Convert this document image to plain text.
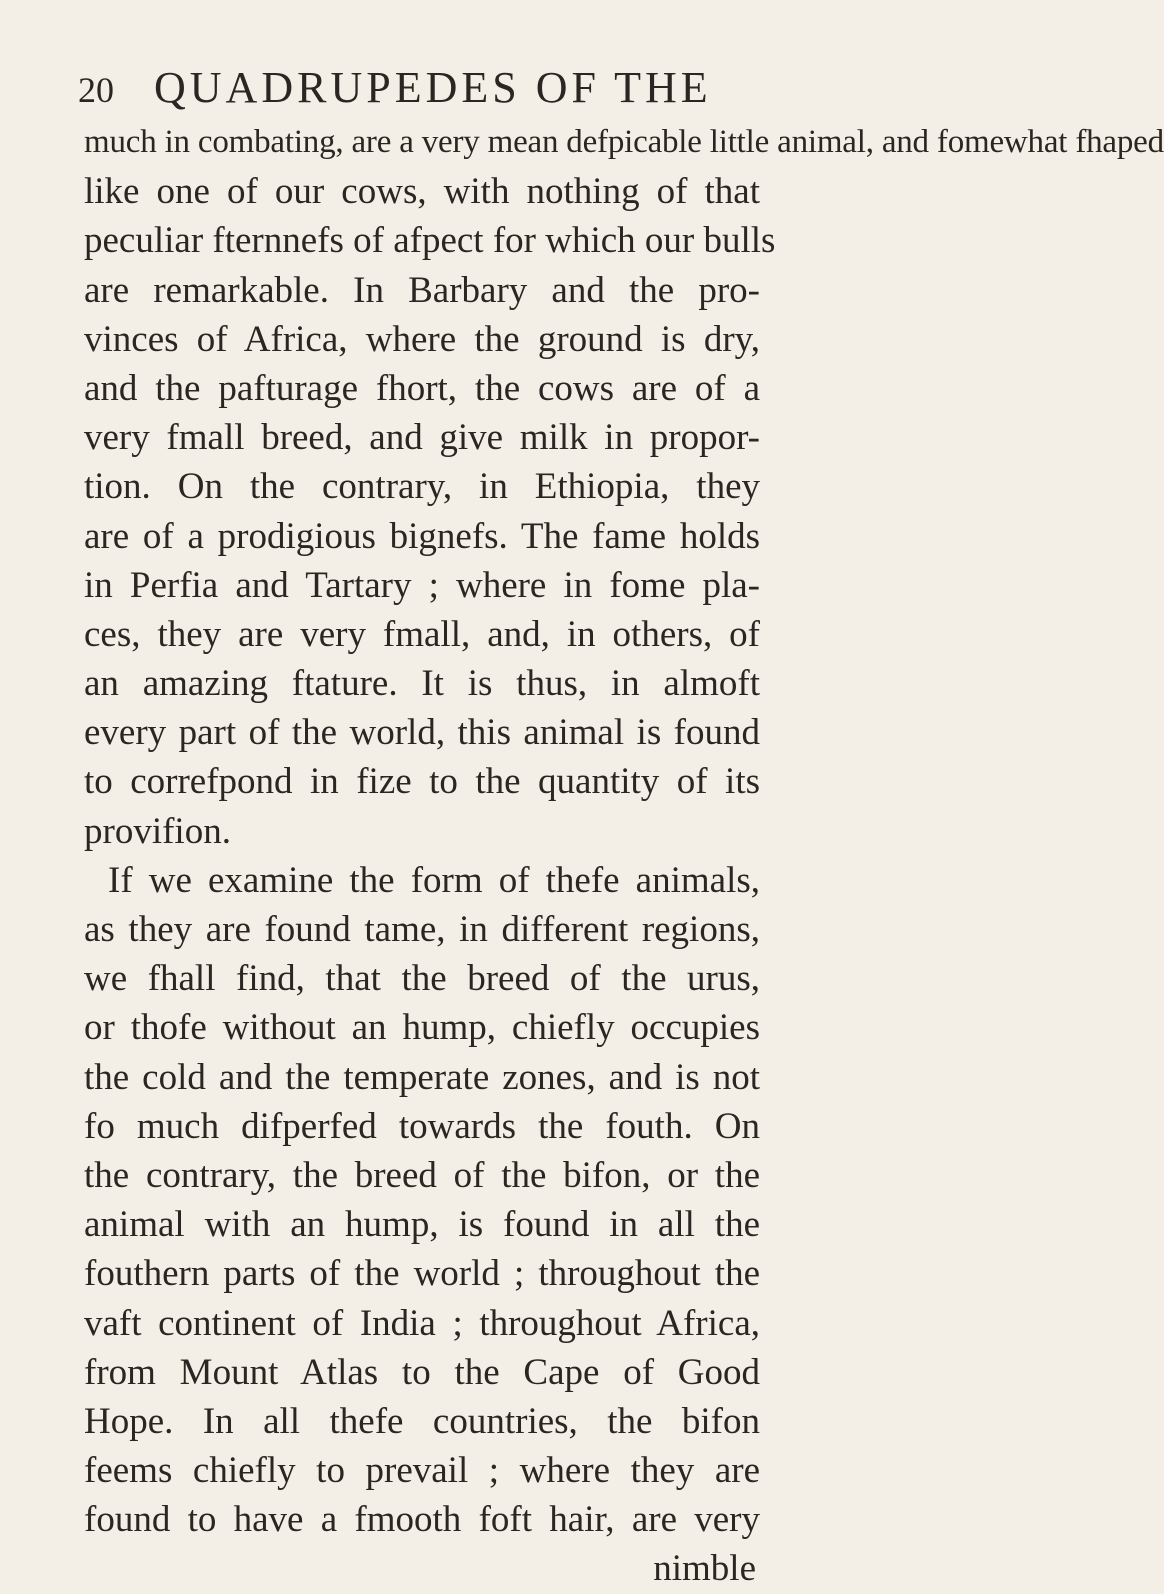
20 QUADRUPEDES OF THE
much in combating, are a very mean defpicable little animal, and fomewhat fhaped
like one of our cows, with nothing of that
peculiar fternnefs of afpect for which our bulls
are remarkable. In Barbary and the pro-
vinces of Africa, where the ground is dry,
and the pafturage fhort, the cows are of a
very fmall breed, and give milk in propor-
tion. On the contrary, in Ethiopia, they
are of a prodigious bignefs. The fame holds
in Perfia and Tartary ; where in fome pla-
ces, they are very fmall, and, in others, of
an amazing ftature. It is thus, in almoft
every part of the world, this animal is found
to correfpond in fize to the quantity of its
provifion.
If we examine the form of thefe animals,
as they are found tame, in different regions,
we fhall find, that the breed of the urus,
or thofe without an hump, chiefly occupies
the cold and the temperate zones, and is not
fo much difperfed towards the fouth. On
the contrary, the breed of the bifon, or the
animal with an hump, is found in all the
fouthern parts of the world ; throughout the
vaft continent of India ; throughout Africa,
from Mount Atlas to the Cape of Good
Hope. In all thefe countries, the bifon
feems chiefly to prevail ; where they are
found to have a fmooth foft hair, are very
nimble
